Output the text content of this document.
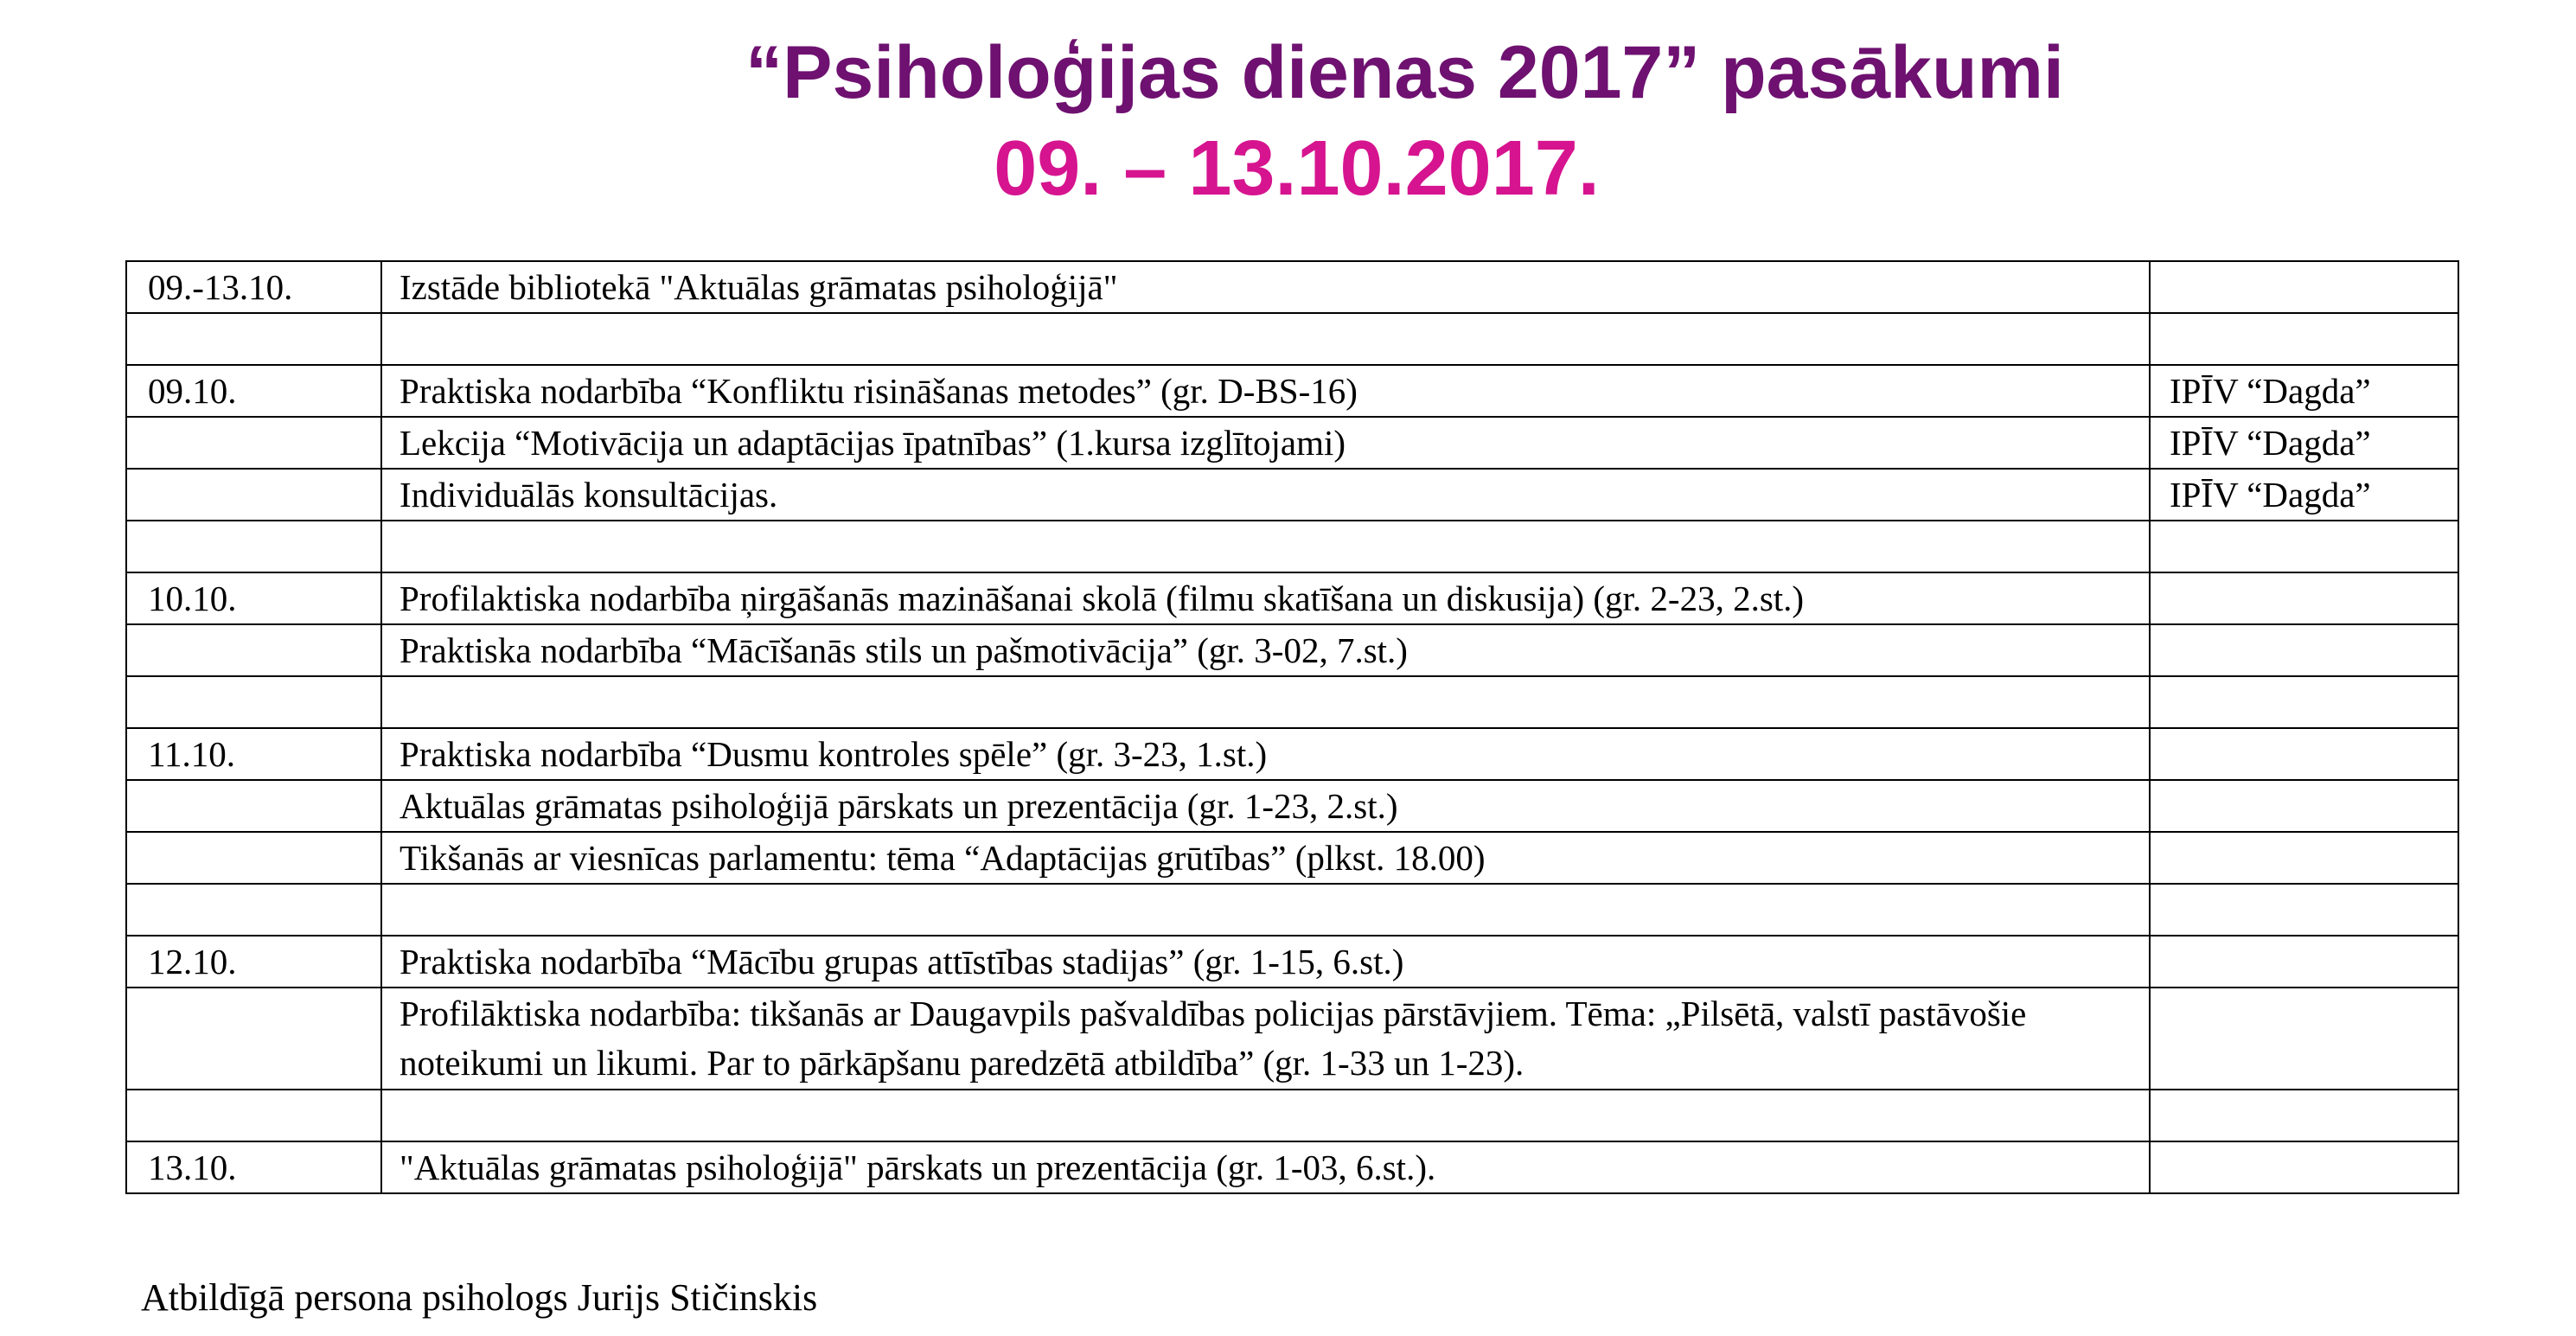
“Psiholoģijas dienas 2017” pasākumi
09. – 13.10.2017.
09.-13.10.	Izstāde bibliotekā "Aktuālas grāmatas psiholoģijā"	

09.10.	Praktiska nodarbība “Konfliktu risināšanas metodes” (gr. D-BS-16)	IPĪV “Dagda”
	Lekcija “Motivācija un adaptācijas īpatnības” (1.kursa izglītojami)	IPĪV “Dagda”
	Individuālās konsultācijas.	IPĪV “Dagda”

10.10.	Profilaktiska nodarbība ņirgāšanās mazināšanai skolā (filmu skatīšana un diskusija) (gr. 2-23, 2.st.)	
	Praktiska nodarbība “Mācīšanās stils un pašmotivācija” (gr. 3-02, 7.st.)	

11.10.	Praktiska nodarbība “Dusmu kontroles spēle” (gr. 3-23, 1.st.)	
	Aktuālas grāmatas psiholoģijā pārskats un prezentācija (gr. 1-23, 2.st.)	
	Tikšanās ar viesnīcas parlamentu: tēma “Adaptācijas grūtības” (plkst. 18.00)	

12.10.	Praktiska nodarbība “Mācību grupas attīstības stadijas” (gr. 1-15, 6.st.)	
	Profilāktiska nodarbība: tikšanās ar Daugavpils pašvaldības policijas pārstāvjiem. Tēma: „Pilsētā, valstī pastāvošie noteikumi un likumi. Par to pārkāpšanu paredzētā atbildība” (gr. 1-33 un 1-23).	

13.10.	"Aktuālas grāmatas psiholoģijā" pārskats un prezentācija (gr. 1-03, 6.st.).	
Atbildīgā persona psihologs Jurijs Stičinskis
